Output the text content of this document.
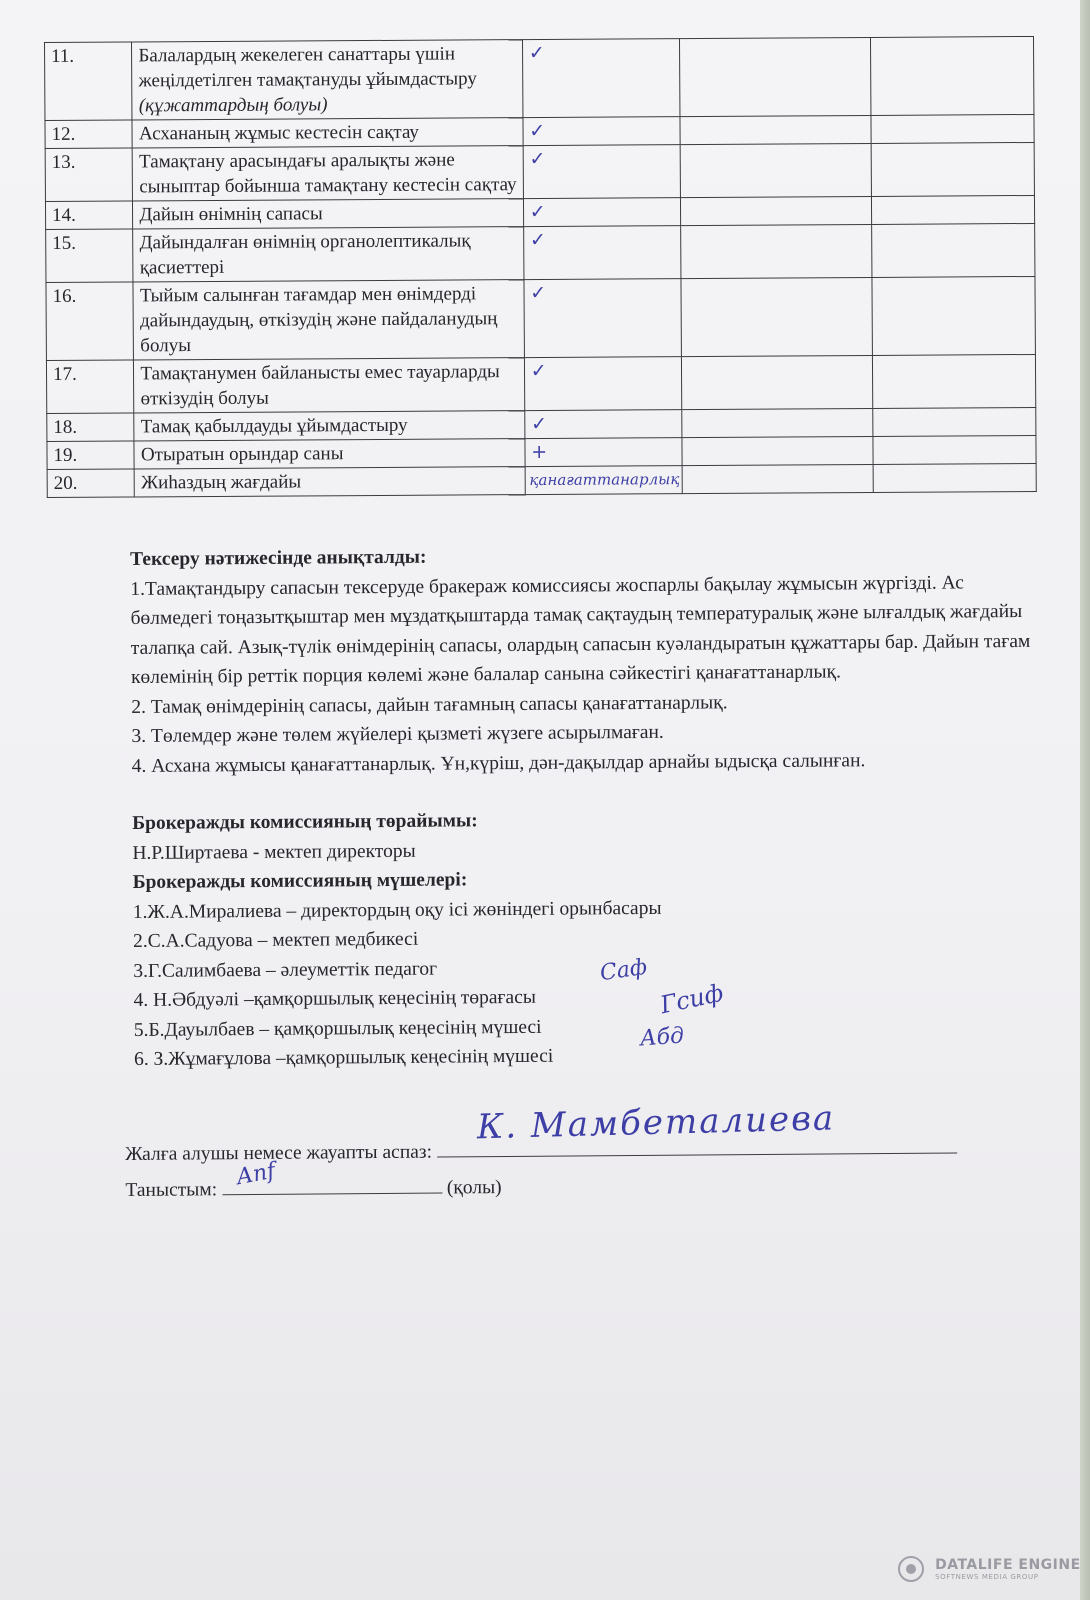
11.	Балалардың жекелеген санаттары үшін жеңілдетілген тамақтануды ұйымдастыру (құжаттардың болуы)	✓		
12.	Асхананың жұмыс кестесін сақтау	✓		
13.	Тамақтану арасындағы аралықты және сыныптар бойынша тамақтану кестесін сақтау	✓		
14.	Дайын өнімнің сапасы	✓		
15.	Дайындалған өнімнің органолептикалық қасиеттері	✓		
16.	Тыйым салынған тағамдар мен өнімдерді дайындаудың, өткізудің және пайдаланудың болуы	✓		
17.	Тамақтанумен байланысты емес тауарларды өткізудің болуы	✓		
18.	Тамақ қабылдауды ұйымдастыру	✓		
19.	Отыратын орындар саны	+		
20.	Жиһаздың жағдайы	қанағаттанарлық		

Тексеру нәтижесінде анықталды:

1.Тамақтандыру сапасын тексеруде бракераж комиссиясы жоспарлы бақылау жұмысын жүргізді. Ас бөлмедегі тоңазытқыштар мен мұздатқыштарда тамақ сақтаудың температуралық және ылғалдық жағдайы талапқа сай. Азық-түлік өнімдерінің сапасы, олардың сапасын куәландыратын құжаттары бар. Дайын тағам көлемінің бір реттік порция көлемі және балалар санына сәйкестігі қанағаттанарлық.

2. Тамақ өнімдерінің сапасы, дайын тағамның сапасы қанағаттанарлық.

3. Төлемдер және төлем жүйелері қызметі жүзеге асырылмаған.

4. Асхана жұмысы қанағаттанарлық. Ұн,күріш, дән-дақылдар арнайы ыдысқа салынған.

Брокеражды комиссияның төрайымы:

Н.Р.Ширтаева - мектеп директоры

Брокеражды комиссияның мүшелері:

1.Ж.А.Миралиева – директордың оқу ісі жөніндегі орынбасары

2.С.А.Садуова – мектеп медбикесі

3.Г.Салимбаева – әлеуметтік педагог

4. Н.Әбдуәлі –қамқоршылық кеңесінің төрағасы

5.Б.Дауылбаев – қамқоршылық кеңесінің мүшесі

6. З.Жұмағұлова –қамқоршылық кеңесінің мүшесі

Саф
Гсиф
Абд
Жалға алушы немесе жауапты аспаз:
К. Мамбеталиева
Таныстым: Аnf	(қолы)

DATALIFE ENGINE
SOFTNEWS MEDIA GROUP
